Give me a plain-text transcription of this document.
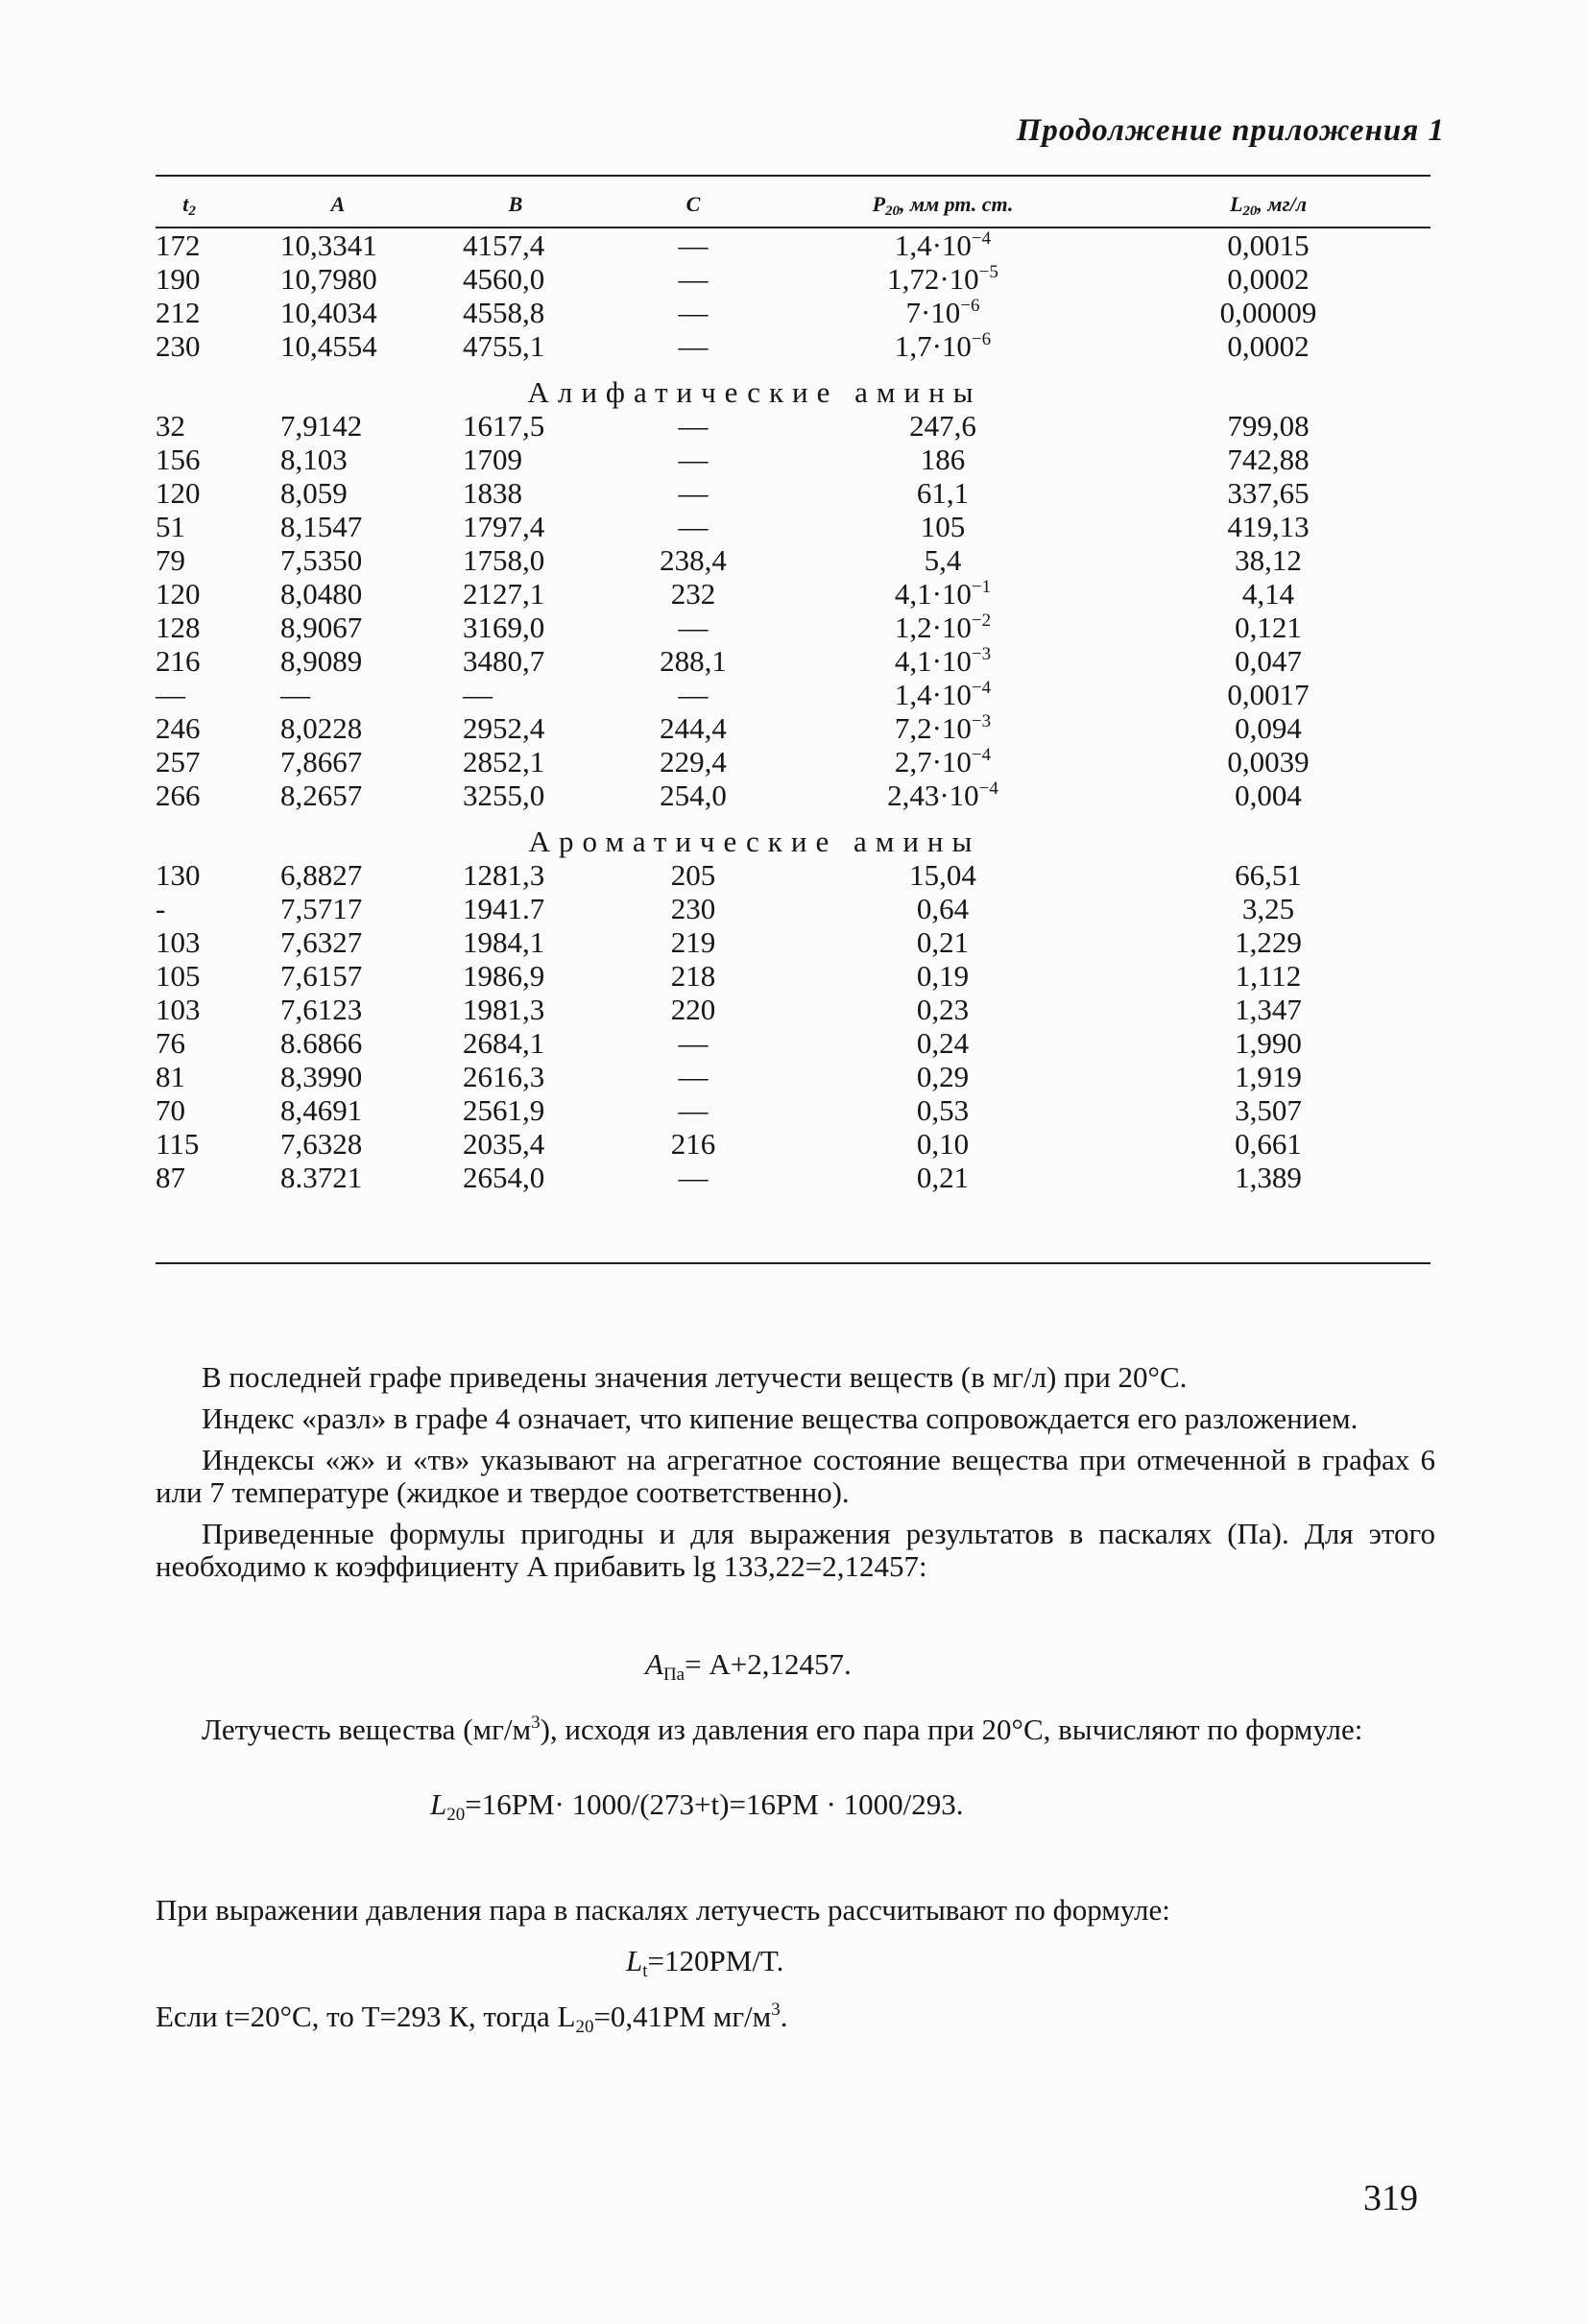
Продолжение приложения 1
$t_2$	A	B	C	$P_{20}$, мм рт. ст.	$L_{20}$, мг/л
172	10,3341	4157,4	—	$1,4\cdot 10^{-4}$	0,0015
190	10,7980	4560,0	—	$1,72\cdot 10^{-5}$	0,0002
212	10,4034	4558,8	—	$7\cdot 10^{-6}$	0,00009
230	10,4554	4755,1	—	$1,7\cdot 10^{-6}$	0,0002

Алифатические амины					
32	7,9142	1617,5	—	247,6	799,08
156	8,103	1709	—	186	742,88
120	8,059	1838	—	61,1	337,65
51	8,1547	1797,4	—	105	419,13
79	7,5350	1758,0	238,4	5,4	38,12
120	8,0480	2127,1	232	$4,1\cdot 10^{-1}$	4,14
128	8,9067	3169,0	—	$1,2\cdot 10^{-2}$	0,121
216	8,9089	3480,7	288,1	$4,1\cdot 10^{-3}$	0,047
—	—	—	—	$1,4\cdot 10^{-4}$	0,0017
246	8,0228	2952,4	244,4	$7,2\cdot 10^{-3}$	0,094
257	7,8667	2852,1	229,4	$2,7\cdot 10^{-4}$	0,0039
266	8,2657	3255,0	254,0	$2,43\cdot 10^{-4}$	0,004

Ароматические амины					
130	6,8827	1281,3	205	15,04	66,51
-	7,5717	1941.7	230	0,64	3,25
103	7,6327	1984,1	219	0,21	1,229
105	7,6157	1986,9	218	0,19	1,112
103	7,6123	1981,3	220	0,23	1,347
76	8.6866	2684,1	—	0,24	1,990
81	8,3990	2616,3	—	0,29	1,919
70	8,4691	2561,9	—	0,53	3,507
115	7,6328	2035,4	216	0,10	0,661
87	8.3721	2654,0	—	0,21	1,389

В последней графе приведены значения летучести веществ (в мг/л) при 20°С.

Индекс «разл» в графе 4 означает, что кипение вещества сопровождается его разложением.

Индексы «ж» и «тв» указывают на агрегатное состояние вещества при отмеченной в графах 6 или 7 температуре (жидкое и твердое соответственно).

Приведенные формулы пригодны и для выражения результатов в паскалях (Па). Для этого необходимо к коэффициенту A прибавить lg 133,22=2,12457:

$A_{Па}= A+2,12457$.
Летучесть вещества $(мг/м^3)$, исходя из давления его пара при 20°С, вычисляют по формуле:
$L_{20}=16PM\cdot 1000/(273+t)=16PM \cdot 1000/293$.
При выражении давления пара в паскалях летучесть рассчитывают по формуле:
$L_t=120PM/T$.
Если t=20°С, то T=293 К, тогда $L_{20}=0,41PM$ $мг/м^3$.
319
